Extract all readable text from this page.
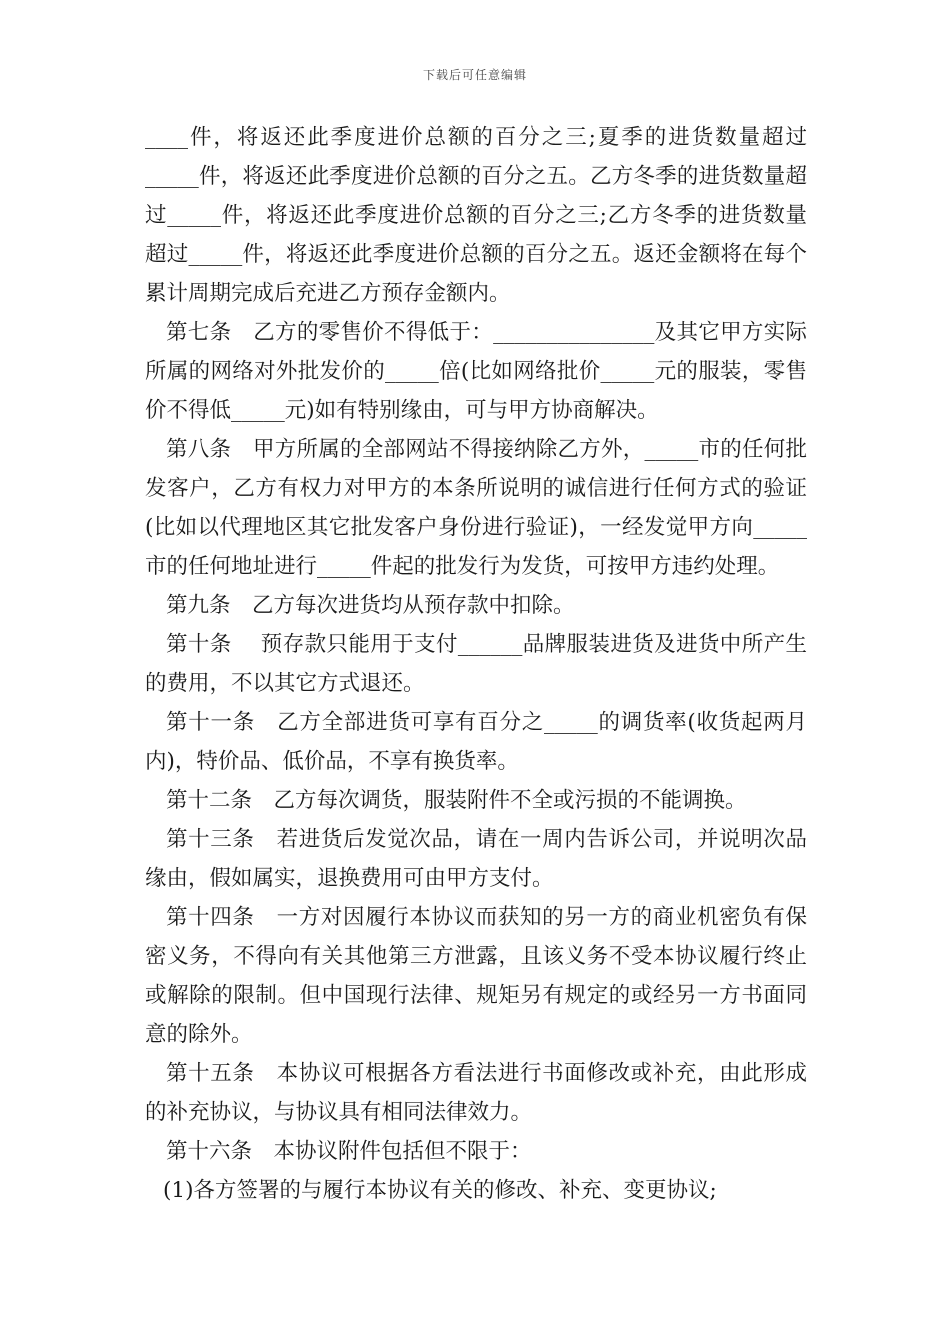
下载后可任意编辑

____件，将返还此季度进价总额的百分之三;夏季的进货数量超过_____件，将返还此季度进价总额的百分之五。乙方冬季的进货数量超过_____件，将返还此季度进价总额的百分之三;乙方冬季的进货数量超过_____件，将返还此季度进价总额的百分之五。返还金额将在每个累计周期完成后充进乙方预存金额内。

第七条　乙方的零售价不得低于：_______________及其它甲方实际所属的网络对外批发价的_____倍(比如网络批价_____元的服装，零售价不得低_____元)如有特别缘由，可与甲方协商解决。

第八条　甲方所属的全部网站不得接纳除乙方外，_____市的任何批发客户，乙方有权力对甲方的本条所说明的诚信进行任何方式的验证(比如以代理地区其它批发客户身份进行验证)，一经发觉甲方向_____市的任何地址进行_____件起的批发行为发货，可按甲方违约处理。

第九条　乙方每次进货均从预存款中扣除。

第十条　 预存款只能用于支付______品牌服装进货及进货中所产生的费用，不以其它方式退还。

第十一条　乙方全部进货可享有百分之_____的调货率(收货起两月内)，特价品、低价品，不享有换货率。

第十二条　乙方每次调货，服装附件不全或污损的不能调换。

第十三条　若进货后发觉次品，请在一周内告诉公司，并说明次品缘由，假如属实，退换费用可由甲方支付。

第十四条　一方对因履行本协议而获知的另一方的商业机密负有保密义务，不得向有关其他第三方泄露，且该义务不受本协议履行终止或解除的限制。但中国现行法律、规矩另有规定的或经另一方书面同意的除外。

第十五条　本协议可根据各方看法进行书面修改或补充，由此形成的补充协议，与协议具有相同法律效力。

第十六条　本协议附件包括但不限于：

(1)各方签署的与履行本协议有关的修改、补充、变更协议;
